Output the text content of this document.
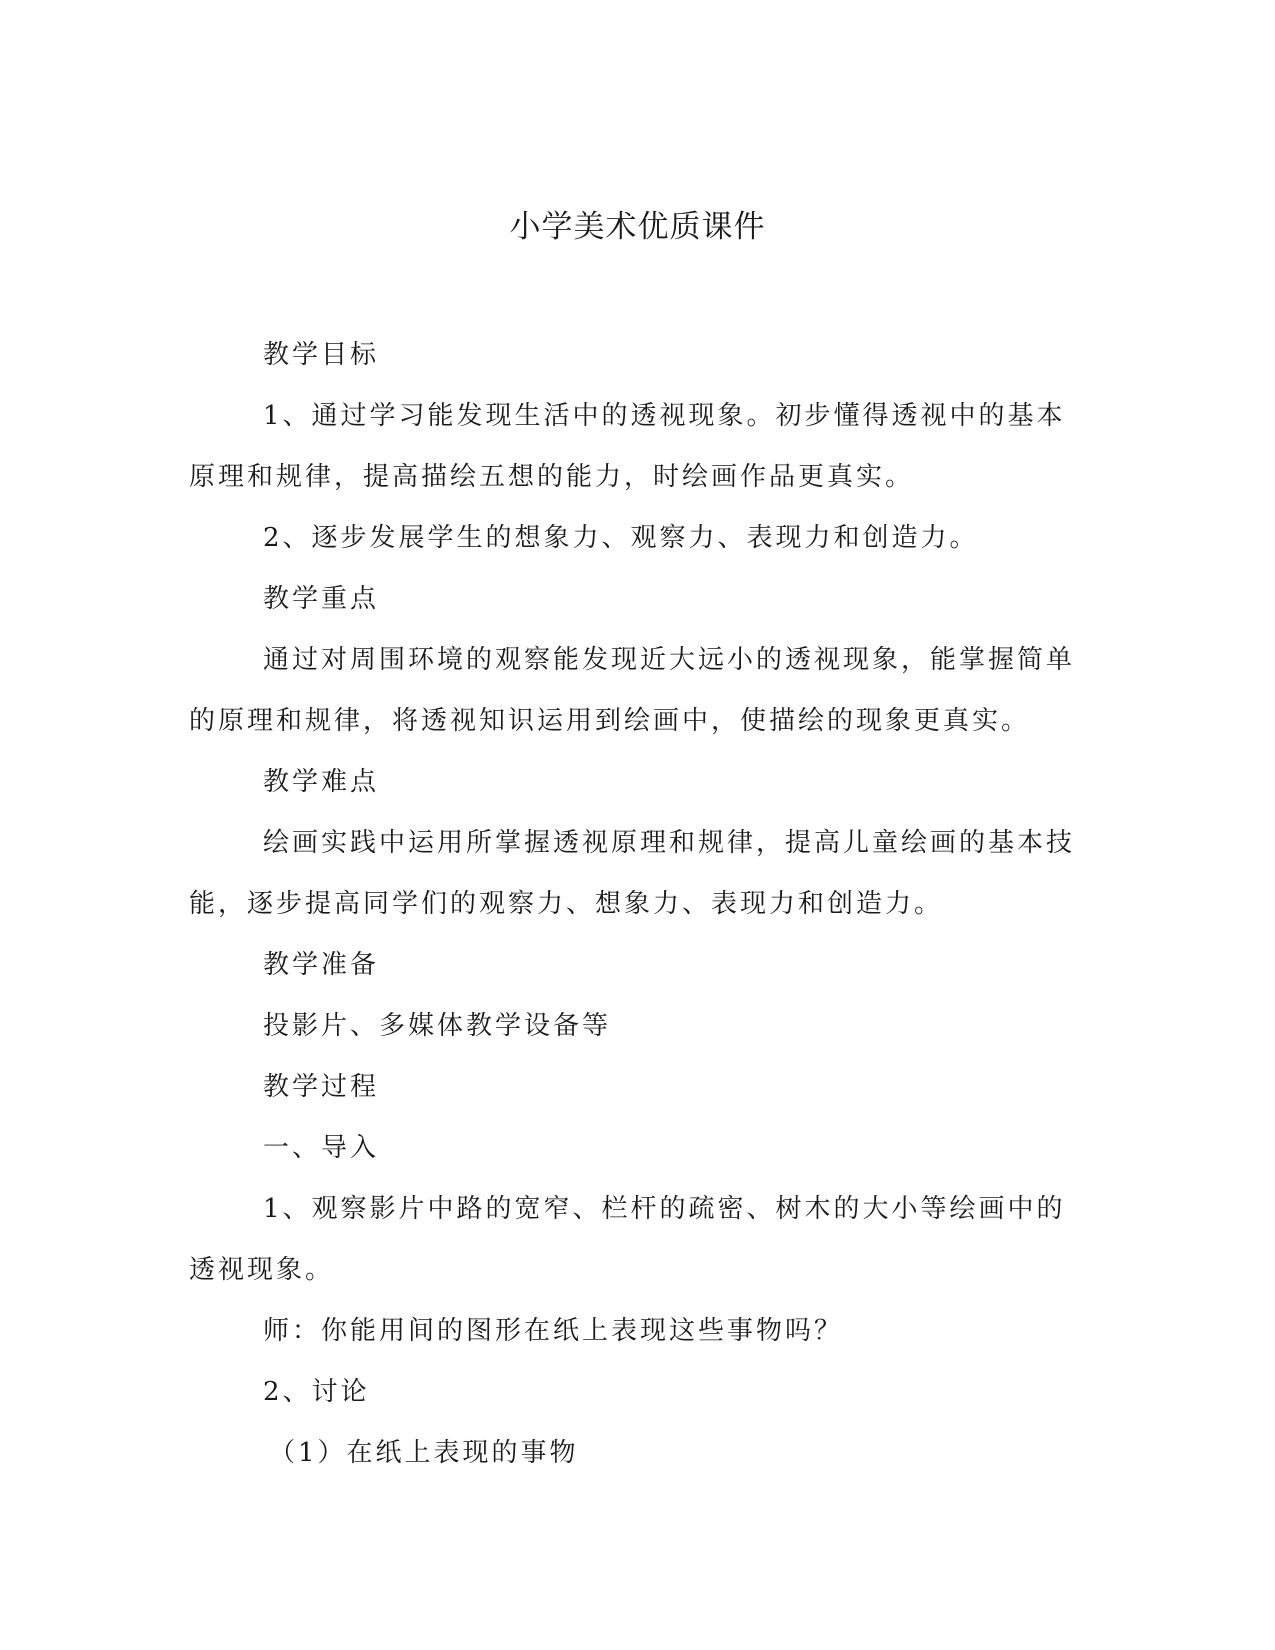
小学美术优质课件

教学目标

1、通过学习能发现生活中的透视现象。初步懂得透视中的基本原理和规律，提高描绘五想的能力，时绘画作品更真实。

2、逐步发展学生的想象力、观察力、表现力和创造力。

教学重点

通过对周围环境的观察能发现近大远小的透视现象，能掌握简单的原理和规律，将透视知识运用到绘画中，使描绘的现象更真实。

教学难点

绘画实践中运用所掌握透视原理和规律，提高儿童绘画的基本技能，逐步提高同学们的观察力、想象力、表现力和创造力。

教学准备

投影片、多媒体教学设备等

教学过程

一、导入

1、观察影片中路的宽窄、栏杆的疏密、树木的大小等绘画中的透视现象。

师：你能用间的图形在纸上表现这些事物吗？

2、讨论

（1）在纸上表现的事物
